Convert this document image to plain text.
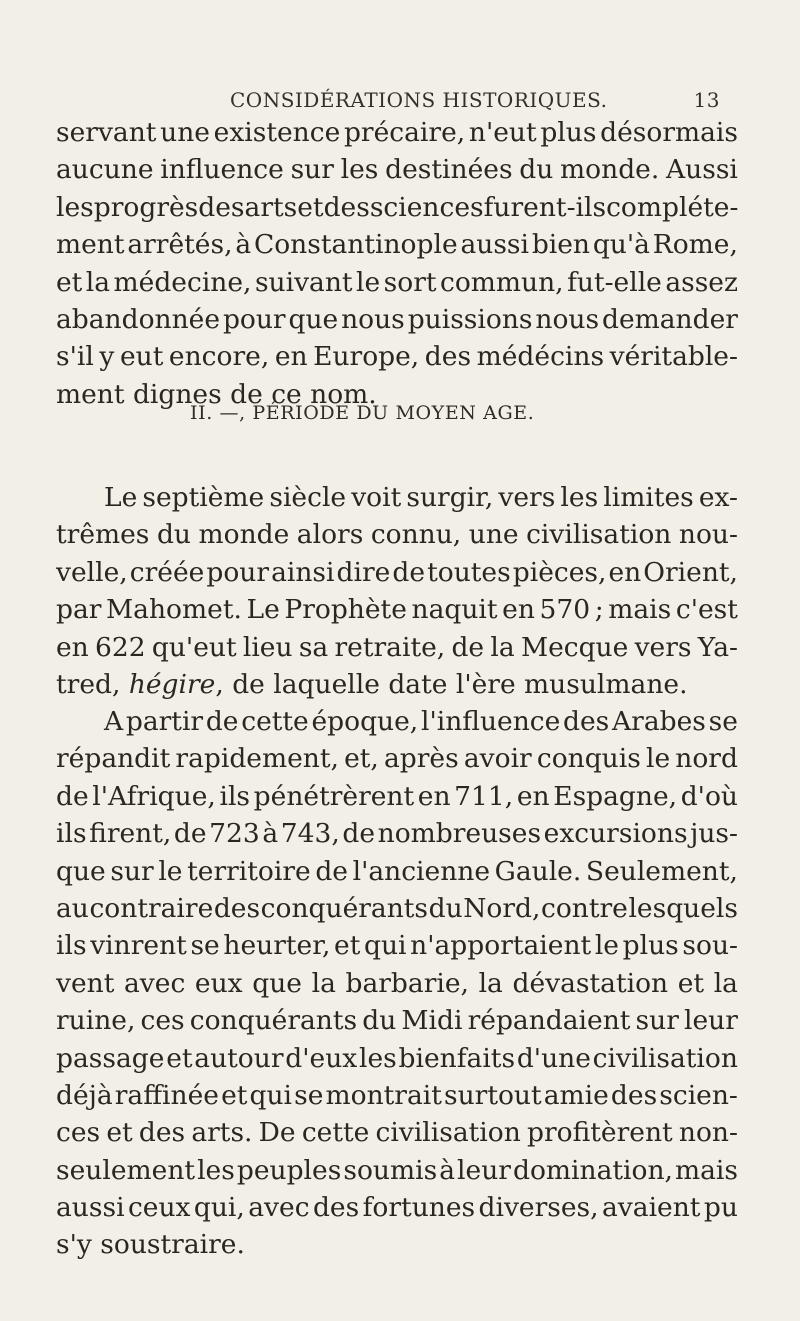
CONSIDÉRATIONS HISTORIQUES.	13
servant une existence précaire, n'eut plus désormais
aucune influence sur les destinées du monde. Aussi
les progrès des arts et des sciences furent-ils compléte-
ment arrêtés, à Constantinople aussi bien qu'à Rome,
et la médecine, suivant le sort commun, fut-elle assez
abandonnée pour que nous puissions nous demander
s'il y eut encore, en Europe, des médécins véritable-
ment dignes de ce nom.
II. —, PÉRIODE DU MOYEN AGE.
Le septième siècle voit surgir, vers les limites ex-
trêmes du monde alors connu, une civilisation nou-
velle, créée pour ainsi dire de toutes pièces, en Orient,
par Mahomet. Le Prophète naquit en 570 ; mais c'est
en 622 qu'eut lieu sa retraite, de la Mecque vers Ya-
tred, hégire , de laquelle date l'ère musulmane.
A partir de cette époque, l'influence des Arabes se
répandit rapidement, et, après avoir conquis le nord
de l'Afrique, ils pénétrèrent en 711, en Espagne, d'où
ils firent, de 723 à 743, de nombreuses excursions jus-
que sur le territoire de l'ancienne Gaule. Seulement,
au contraire des conquérants du Nord, contre lesquels
ils vinrent se heurter, et qui n'apportaient le plus sou-
vent avec eux que la barbarie, la dévastation et la
ruine, ces conquérants du Midi répandaient sur leur
passage et autour d'eux les bienfaits d'une civilisation
déjà raffinée et qui se montrait surtout amie des scien-
ces et des arts. De cette civilisation profitèrent non-
seulement les peuples soumis à leur domination, mais
aussi ceux qui, avec des fortunes diverses, avaient pu
s'y soustraire.
